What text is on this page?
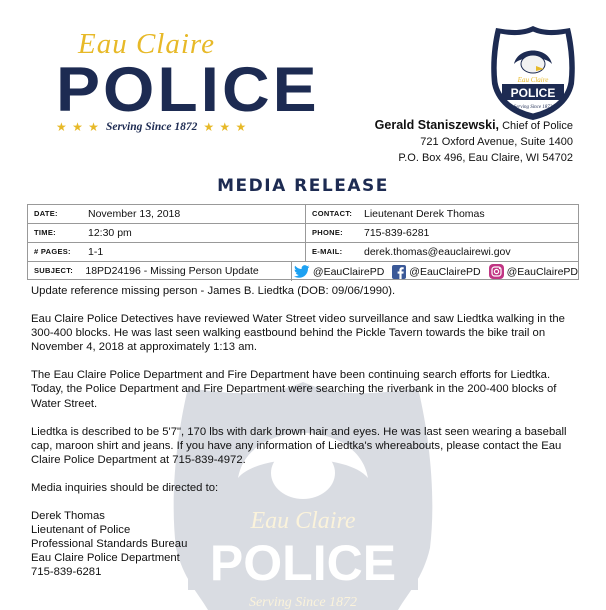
Eau Claire
POLICE
★ ★ ★ Serving Since 1872 ★ ★ ★
Eau Claire
POLICE
Serving Since 1872
Gerald Staniszewski, Chief of Police
721 Oxford Avenue, Suite 1400
P.O. Box 496, Eau Claire, WI 54702
MEDIA RELEASE
DATE:	November 13, 2018	CONTACT:	Lieutenant Derek Thomas
TIME:	12:30 pm	PHONE:	715-839-6281
# PAGES:	1-1	E-MAIL:	derek.thomas@eauclairewi.gov
SUBJECT:	18PD24196 - Missing Person Update	@EauClairePD @EauClairePD @EauClairePD
Eau Claire
POLICE
Serving Since 1872

Update reference missing person - James B. Liedtka (DOB: 09/06/1990).

Eau Claire Police Detectives have reviewed Water Street video surveillance and saw Liedtka walking in the 300-400 blocks. He was last seen walking eastbound behind the Pickle Tavern towards the bike trail on November 4, 2018 at approximately 1:13 am.

The Eau Claire Police Department and Fire Department have been continuing search efforts for Liedtka. Today, the Police Department and Fire Department were searching the riverbank in the 200-400 blocks of Water Street.

Liedtka is described to be 5'7", 170 lbs with dark brown hair and eyes. He was last seen wearing a baseball cap, maroon shirt and jeans. If you have any information of Liedtka's whereabouts, please contact the Eau Claire Police Department at 715-839-4972.

Media inquiries should be directed to:

Derek Thomas
Lieutenant of Police
Professional Standards Bureau
Eau Claire Police Department
715-839-6281
